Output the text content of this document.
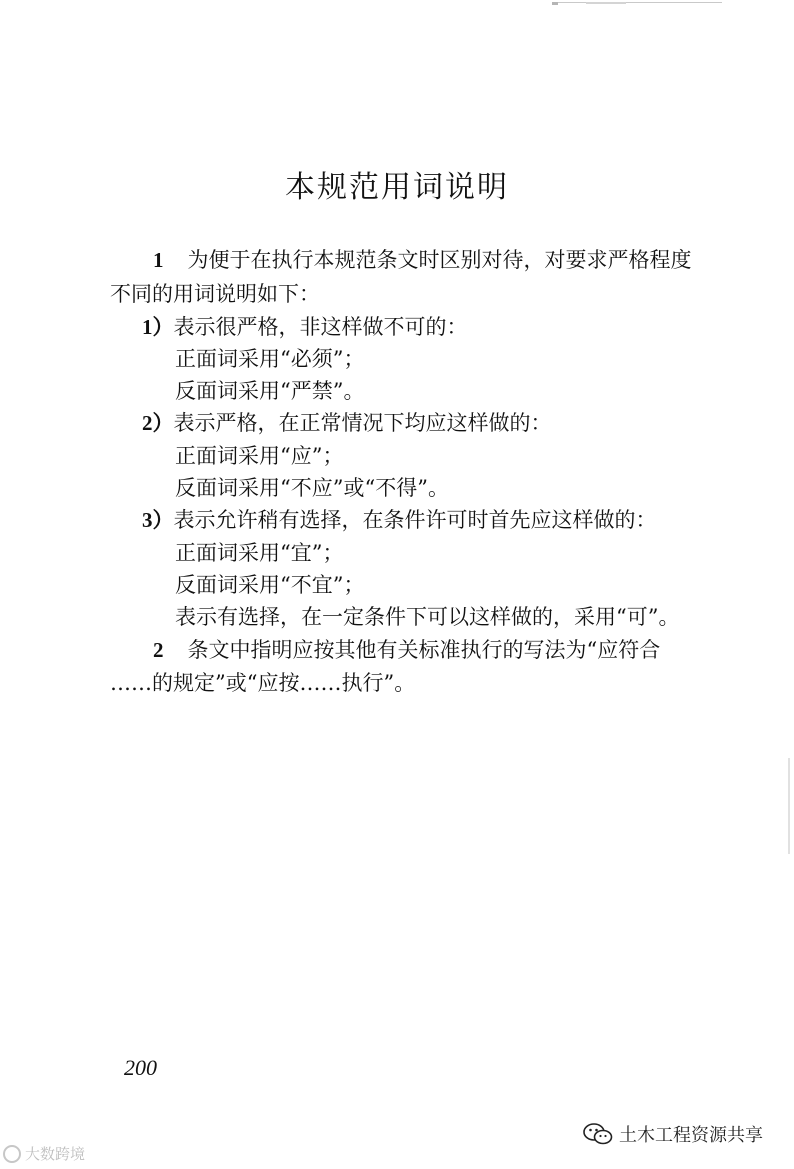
本规范用词说明
1 为便于在执行本规范条文时区别对待，对要求严格程度
不同的用词说明如下：
1）表示很严格，非这样做不可的：
正面词采用“必须”；
反面词采用“严禁”。
2）表示严格，在正常情况下均应这样做的：
正面词采用“应”；
反面词采用“不应”或“不得”。
3）表示允许稍有选择，在条件许可时首先应这样做的：
正面词采用“宜”；
反面词采用“不宜”；
表示有选择，在一定条件下可以这样做的，采用“可”。
2 条文中指明应按其他有关标准执行的写法为“应符合
……的规定”或“应按……执行”。
200
大数跨境
土木工程资源共享
